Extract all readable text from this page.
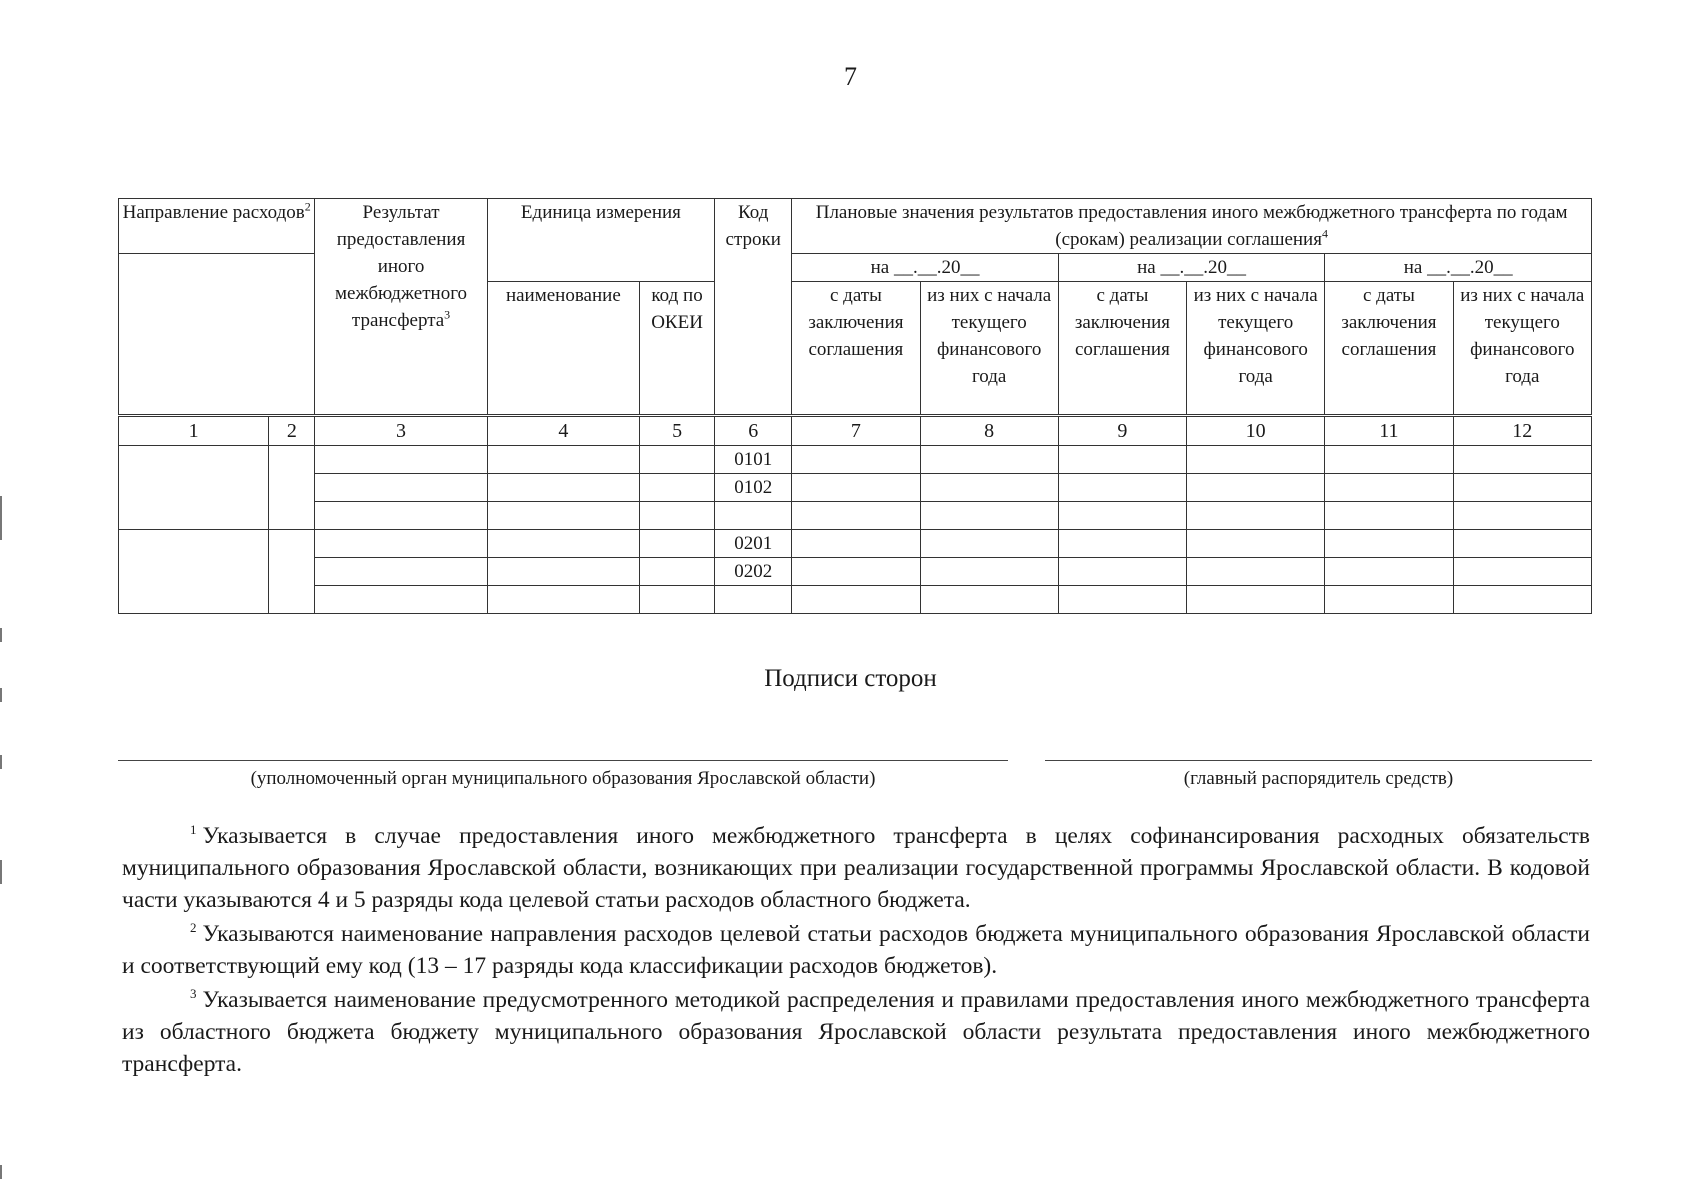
7
Направление расходов$^2$		Результат предоставления иного межбюджетного трансферта$^3$	Единица измерения		Код строки	Плановые значения результатов предоставления иного межбюджетного трансферта по годам (срокам) реализации соглашения$^4$
						на __.__.20__		на __.__.20__		на __.__.20__	
			наименование	код по ОКЕИ		с даты заключения соглашения	из них с начала текущего финансового года	с даты заключения соглашения	из них с начала текущего финансового года	с даты заключения соглашения	из них с начала текущего финансового года
1	2	3	4	5	6	7	8	9	10	11	12
					0101						
					0102						

					0201						
					0202						

Подписи сторон
(уполномоченный орган муниципального образования Ярославской области)	(главный распорядитель средств)

$^1$ Указывается в случае предоставления иного межбюджетного трансферта в целях софинансирования расходных обязательств муниципального образования Ярославской области, возникающих при реализации государственной программы Ярославской области. В кодовой части указываются 4 и 5 разряды кода целевой статьи расходов областного бюджета.

$^2$ Указываются наименование направления расходов целевой статьи расходов бюджета муниципального образования Ярославской области и соответствующий ему код (13 – 17 разряды кода классификации расходов бюджетов).

$^3$ Указывается наименование предусмотренного методикой распределения и правилами предоставления иного межбюджетного трансферта из областного бюджета бюджету муниципального образования Ярославской области результата предоставления иного межбюджетного трансферта.
